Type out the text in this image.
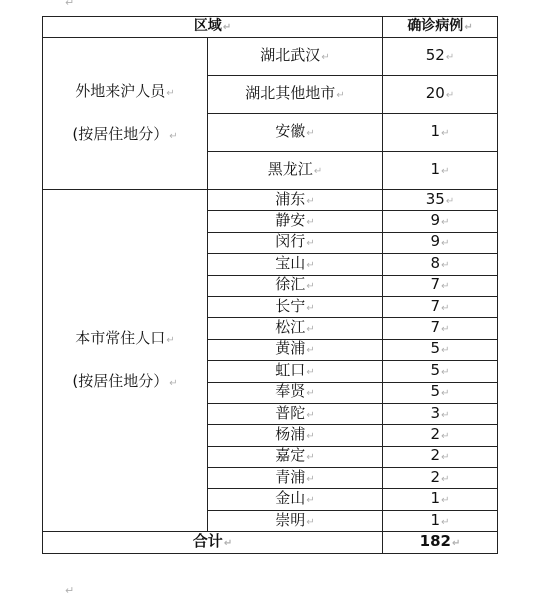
↵
区域↵		确诊病例↵

外地来沪人员↵
(按居住地分）↵	湖北武汉↵	52↵
	湖北其他地市↵	20↵
	安徽↵	1↵
	黑龙江↵	1↵

本市常住人口↵
(按居住地分）↵	浦东↵	35↵
	静安↵	9↵
	闵行↵	9↵
	宝山↵	8↵
	徐汇↵	7↵
	长宁↵	7↵
	松江↵	7↵
	黄浦↵	5↵
	虹口↵	5↵
	奉贤↵	5↵
	普陀↵	3↵
	杨浦↵	2↵
	嘉定↵	2↵
	青浦↵	2↵
	金山↵	1↵
	崇明↵	1↵
合计↵		182↵
↵
